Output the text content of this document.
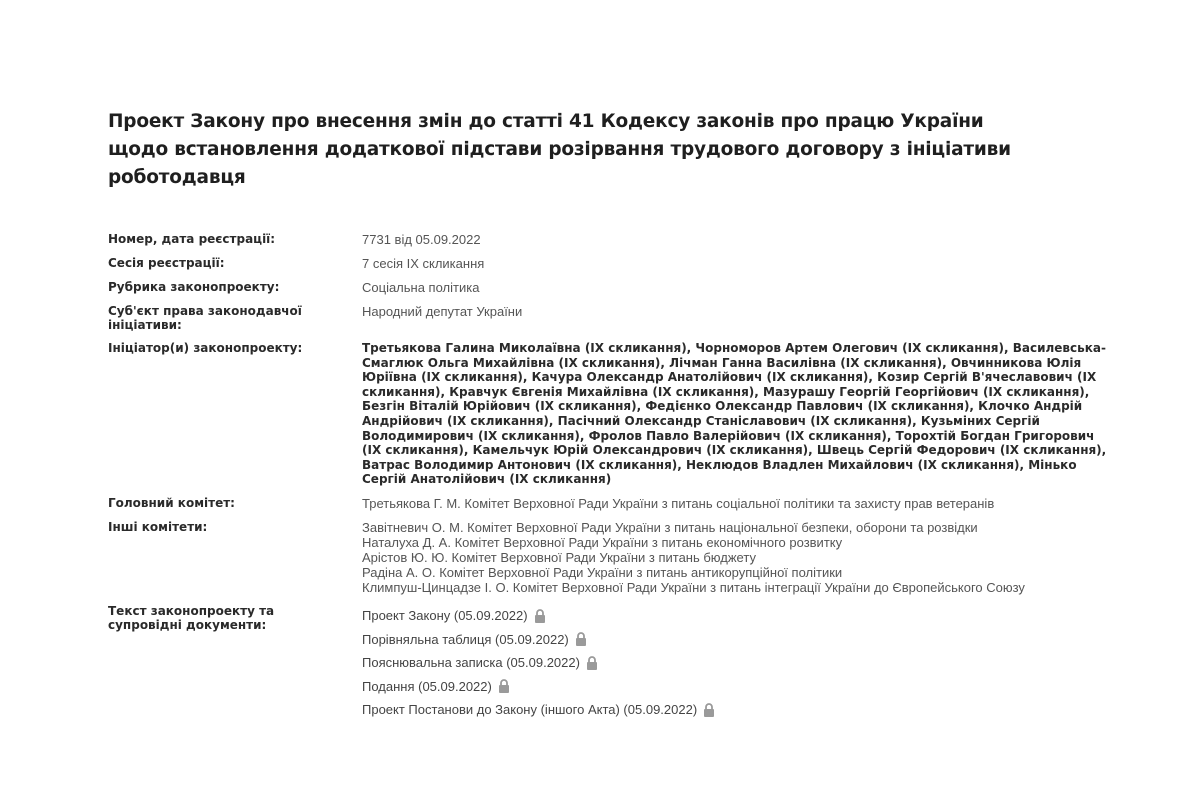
Проект Закону про внесення змін до статті 41 Кодексу законів про працю України щодо встановлення додаткової підстави розірвання трудового договору з ініціативи роботодавця
Номер, дата реєстрації:	7731 від 05.09.2022
Сесія реєстрації:	7 сесія IX скликання
Рубрика законопроекту:	Соціальна політика
Суб'єкт права законодавчої ініціативи:
Народний депутат України
Ініціатор(и) законопроекту:	Третьякова Галина Миколаївна (IX скликання), Чорноморов Артем Олегович (IX скликання), Василевська-Смаглюк Ольга Михайлівна (IX скликання), Лічман Ганна Василівна (IX скликання), Овчинникова Юлія Юріївна (IX скликання), Качура Олександр Анатолійович (IX скликання), Козир Сергій В'ячеславович (IX скликання), Кравчук Євгенія Михайлівна (IX скликання), Мазурашу Георгій Георгійович (IX скликання), Безгін Віталій Юрійович (IX скликання), Федієнко Олександр Павлович (IX скликання), Клочко Андрій Андрійович (IX скликання), Пасічний Олександр Станіславович (IX скликання), Кузьміних Сергій Володимирович (IX скликання), Фролов Павло Валерійович (IX скликання), Торохтій Богдан Григорович (IX скликання), Камельчук Юрій Олександрович (IX скликання), Швець Сергій Федорович (IX скликання), Ватрас Володимир Антонович (IX скликання), Неклюдов Владлен Михайлович (IX скликання), Мінько Сергій Анатолійович (IX скликання)
Головний комітет:	Третьякова Г. М. Комітет Верховної Ради України з питань соціальної політики та захисту прав ветеранів
Інші комітети:	Завітневич О. М. Комітет Верховної Ради України з питань національної безпеки, оборони та розвідки
Наталуха Д. А. Комітет Верховної Ради України з питань економічного розвитку
Арістов Ю. Ю. Комітет Верховної Ради України з питань бюджету
Радіна А. О. Комітет Верховної Ради України з питань антикорупційної політики
Климпуш-Цинцадзе І. О. Комітет Верховної Ради України з питань інтеграції України до Європейського Союзу
Текст законопроекту та супровідні документи:
Проект Закону (05.09.2022)
Порівняльна таблиця (05.09.2022)
Пояснювальна записка (05.09.2022)
Подання (05.09.2022)
Проект Постанови до Закону (іншого Акта) (05.09.2022)
